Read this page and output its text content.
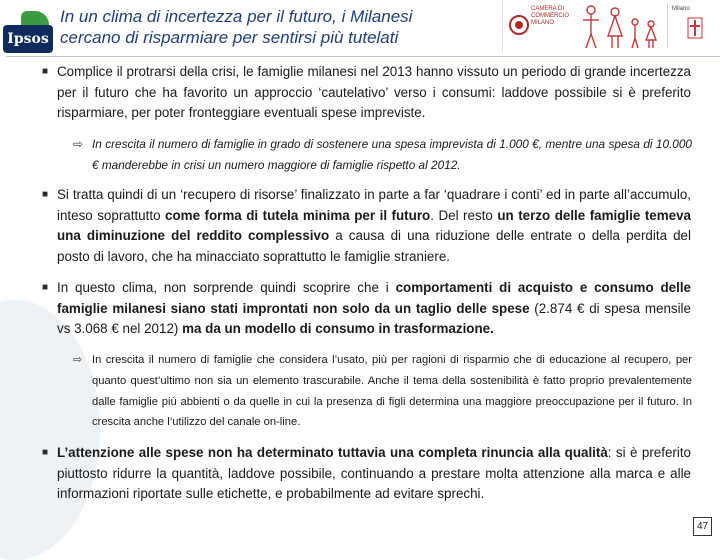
Ipsos
In un clima di incertezza per il futuro, i Milanesi
cercano di risparmiare per sentirsi più tutelati
CAMERA DI COMMERCIO MILANO
Milano
■ Complice il protrarsi della crisi, le famiglie milanesi nel 2013 hanno vissuto un periodo di grande incertezza per il futuro che ha favorito un approccio ‘cautelativo’ verso i consumi: laddove possibile si è preferito risparmiare, per poter fronteggiare eventuali spese impreviste.
⇨ In crescita il numero di famiglie in grado di sostenere una spesa imprevista di 1.000 €, mentre una spesa di 10.000 € manderebbe in crisi un numero maggiore di famiglie rispetto al 2012.
■ Si tratta quindi di un ‘recupero di risorse’ finalizzato in parte a far ‘quadrare i conti’ ed in parte all’accumulo, inteso soprattutto come forma di tutela minima per il futuro. Del resto un terzo delle famiglie temeva una diminuzione del reddito complessivo a causa di una riduzione delle entrate o della perdita del posto di lavoro, che ha minacciato soprattutto le famiglie straniere.
■ In questo clima, non sorprende quindi scoprire che i comportamenti di acquisto e consumo delle famiglie milanesi siano stati improntati non solo da un taglio delle spese (2.874 € di spesa mensile vs 3.068 € nel 2012) ma da un modello di consumo in trasformazione.
⇨ In crescita il numero di famiglie che considera l’usato, più per ragioni di risparmio che di educazione al recupero, per quanto quest’ultimo non sia un elemento trascurabile. Anche il tema della sostenibilità è fatto proprio prevalentemente dalle famiglie più abbienti o da quelle in cui la presenza di figli determina una maggiore preoccupazione per il futuro. In crescita anche l’utilizzo del canale on-line.
■ L’attenzione alle spese non ha determinato tuttavia una completa rinuncia alla qualità: si è preferito piuttosto ridurre la quantità, laddove possibile, continuando a prestare molta attenzione alla marca e alle informazioni riportate sulle etichette, e probabilmente ad evitare sprechi.
47
